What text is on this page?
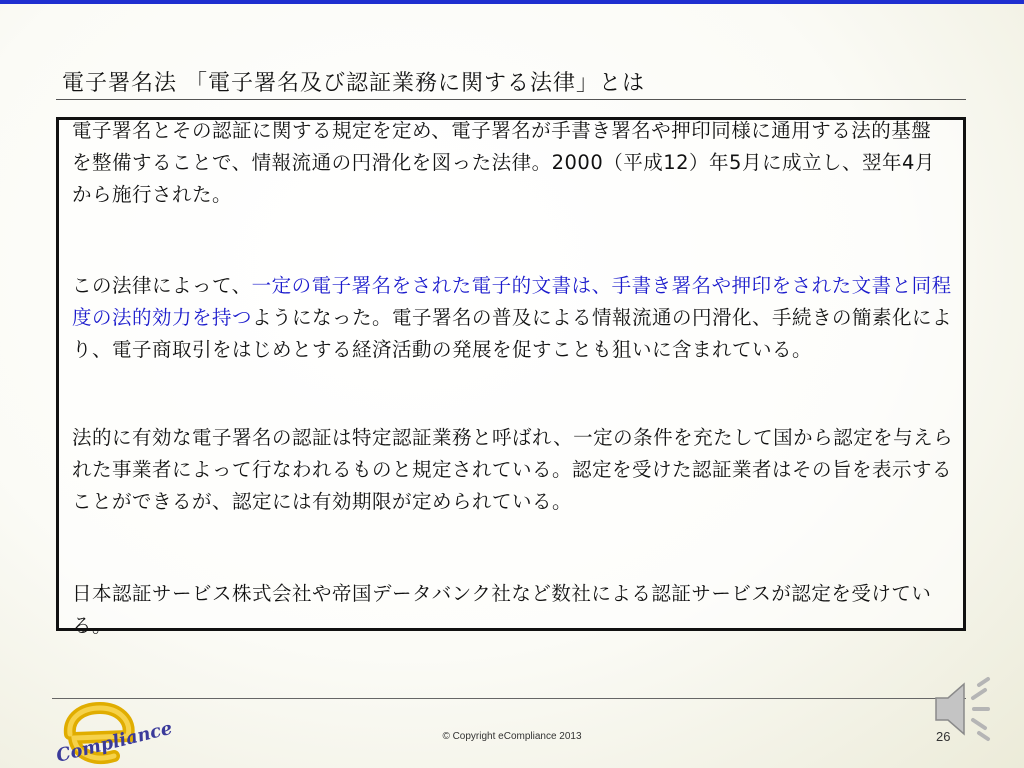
電子署名法 「電子署名及び認証業務に関する法律」とは

電子署名とその認証に関する規定を定め、電子署名が手書き署名や押印同様に通用する法的基盤を整備することで、情報流通の円滑化を図った法律。2000（平成12）年5月に成立し、翌年4月から施行された。

この法律によって、一定の電子署名をされた電子的文書は、手書き署名や押印をされた文書と同程度の法的効力を持つようになった。電子署名の普及による情報流通の円滑化、手続きの簡素化により、電子商取引をはじめとする経済活動の発展を促すことも狙いに含まれている。

法的に有効な電子署名の認証は特定認証業務と呼ばれ、一定の条件を充たして国から認定を与えられた事業者によって行なわれるものと規定されている。認定を受けた認証業者はその旨を表示することができるが、認定には有効期限が定められている。

日本認証サービス株式会社や帝国データバンク社など数社による認証サービスが認定を受けている。

Compliance	© Copyright eCompliance 2013	26
